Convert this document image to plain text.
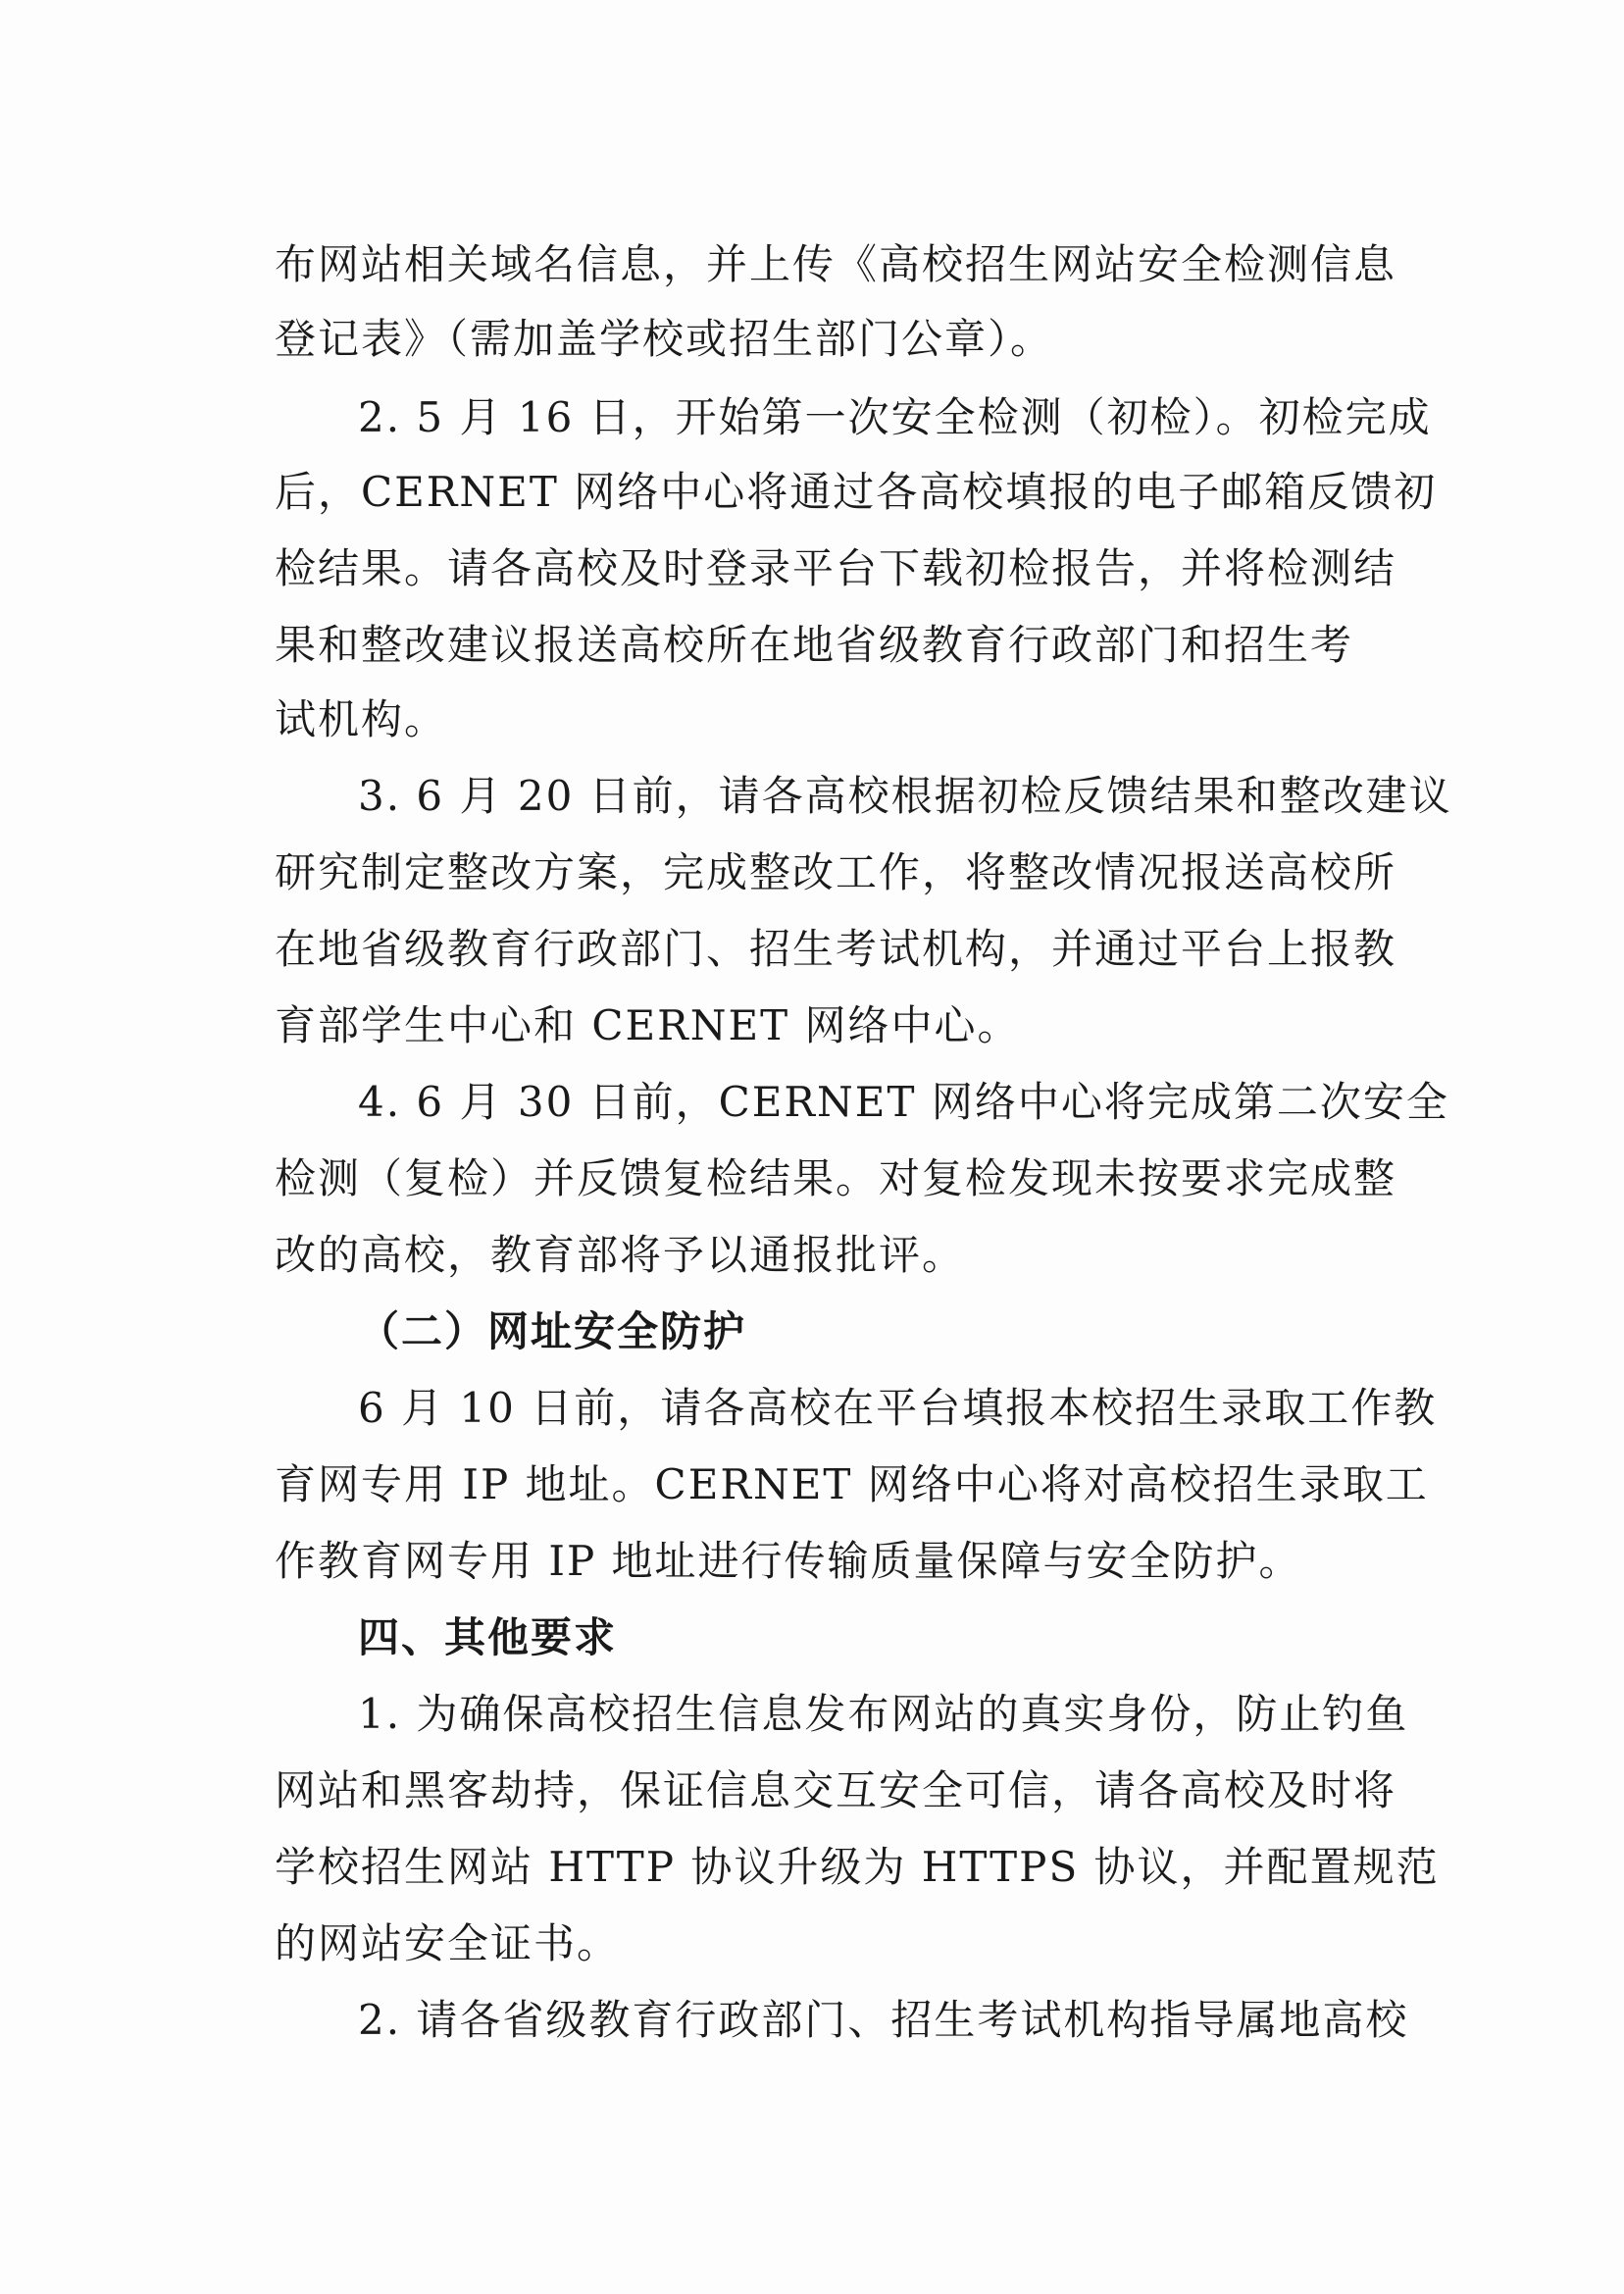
布网站相关域名信息，并上传《高校招生网站安全检测信息
登记表》（需加盖学校或招生部门公章）。
2. 5 月 16 日，开始第一次安全检测（初检）。初检完成
后，CERNET 网络中心将通过各高校填报的电子邮箱反馈初
检结果。请各高校及时登录平台下载初检报告，并将检测结
果和整改建议报送高校所在地省级教育行政部门和招生考
试机构。
3. 6 月 20 日前，请各高校根据初检反馈结果和整改建议
研究制定整改方案，完成整改工作，将整改情况报送高校所
在地省级教育行政部门、招生考试机构，并通过平台上报教
育部学生中心和 CERNET 网络中心。
4. 6 月 30 日前，CERNET 网络中心将完成第二次安全
检测（复检）并反馈复检结果。对复检发现未按要求完成整
改的高校，教育部将予以通报批评。
（二）网址安全防护
6 月 10 日前，请各高校在平台填报本校招生录取工作教
育网专用 IP 地址。CERNET 网络中心将对高校招生录取工
作教育网专用 IP 地址进行传输质量保障与安全防护。
四、其他要求
1. 为确保高校招生信息发布网站的真实身份，防止钓鱼
网站和黑客劫持，保证信息交互安全可信，请各高校及时将
学校招生网站 HTTP 协议升级为 HTTPS 协议，并配置规范
的网站安全证书。
2. 请各省级教育行政部门、招生考试机构指导属地高校
